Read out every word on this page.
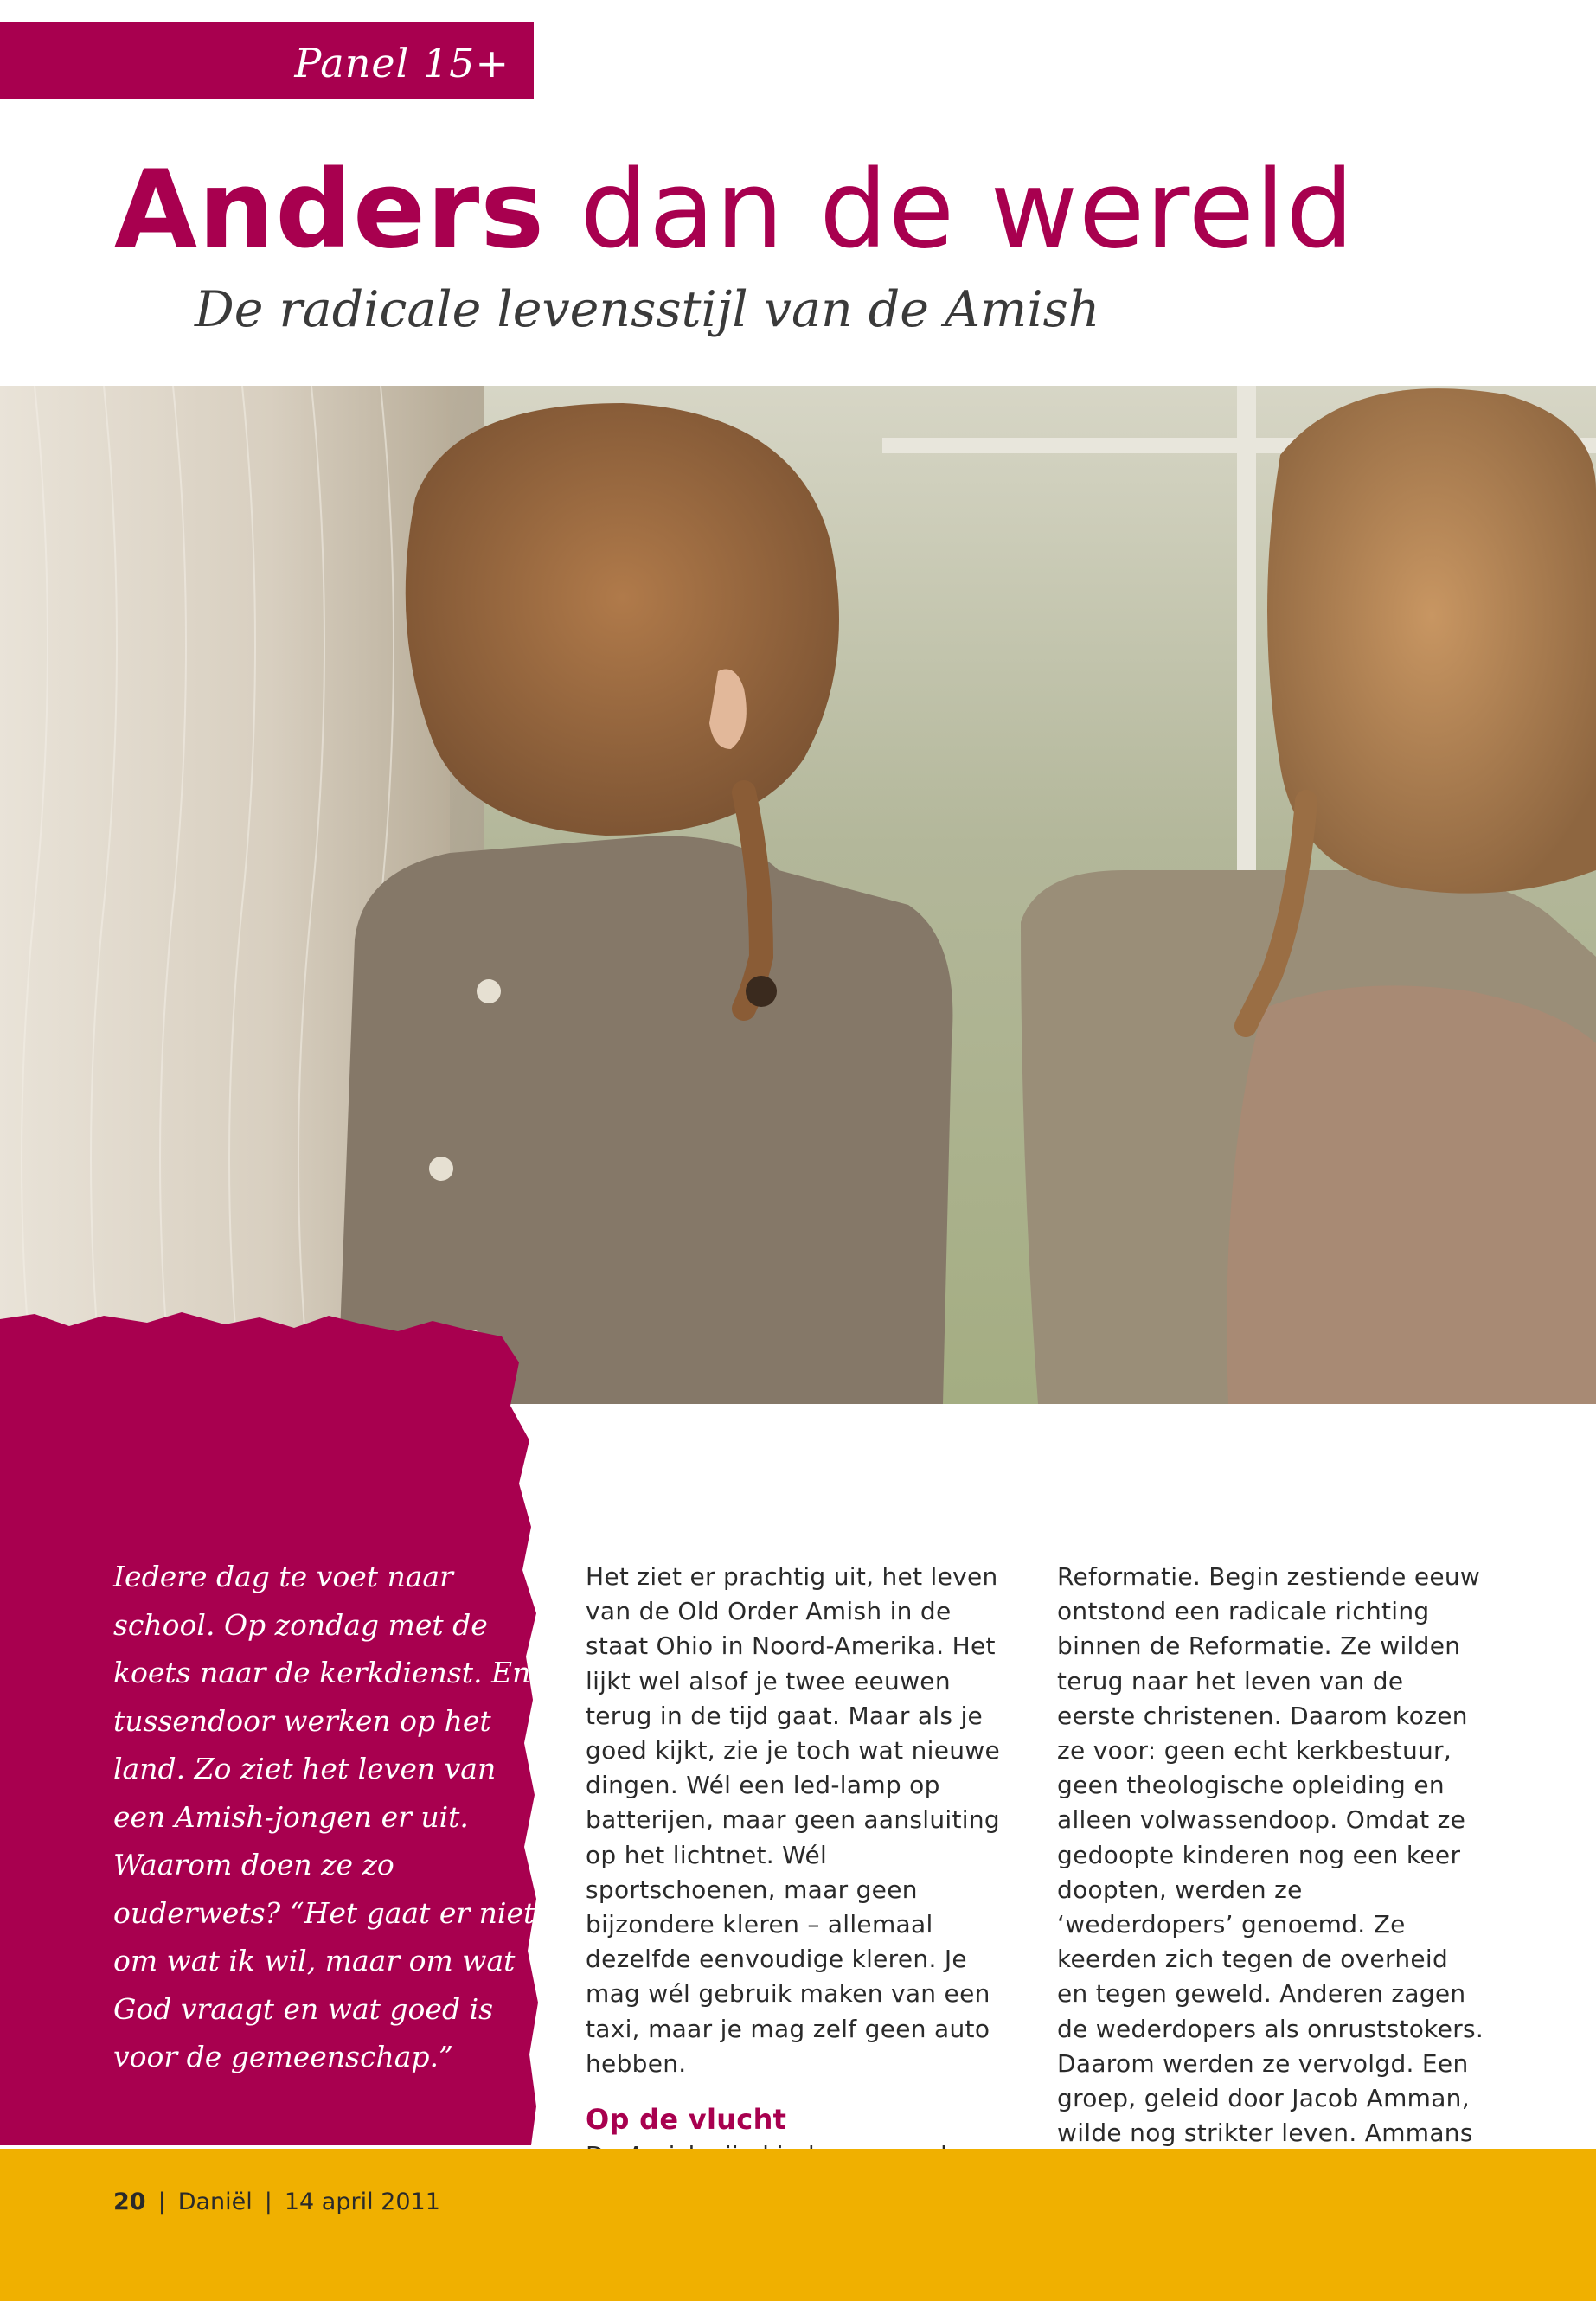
Panel 15+
Anders dan de wereld
De radicale levensstijl van de Amish

Iedere dag te voet naar school. Op zondag met de koets naar de kerkdienst. En tussendoor werken op het land. Zo ziet het leven van een Amish-jongen er uit. Waarom doen ze zo ouderwets? “Het gaat er niet om wat ik wil, maar om wat God vraagt en wat goed is voor de gemeenschap.”

Het ziet er prachtig uit, het leven van de Old Order Amish in de staat Ohio in Noord-Amerika. Het lijkt wel alsof je twee eeuwen terug in de tijd gaat. Maar als je goed kijkt, zie je toch wat nieuwe dingen. Wél een led-lamp op batterijen, maar geen aansluiting op het lichtnet. Wél sportschoenen, maar geen bijzondere kleren – allemaal dezelfde eenvoudige kleren. Je mag wél gebruik maken van een taxi, maar je mag zelf geen auto hebben.

Op de vlucht

Reformatie. Begin zestiende eeuw ontstond een radicale richting binnen de Reformatie. Ze wilden terug naar het leven van de eerste christenen. Daarom kozen ze voor: geen echt kerkbestuur, geen theologische opleiding en alleen volwassendoop. Omdat ze gedoopte kinderen nog een keer doopten, werden ze ‘wederdopers’ genoemd. Ze keerden zich tegen de overheid en tegen geweld. Anderen zagen de wederdopers als onruststokers. Daarom werden ze vervolgd. Een groep, geleid door Jacob Amman, wilde nog strikter leven. Ammans

20 | Daniël | 14 april 2011
